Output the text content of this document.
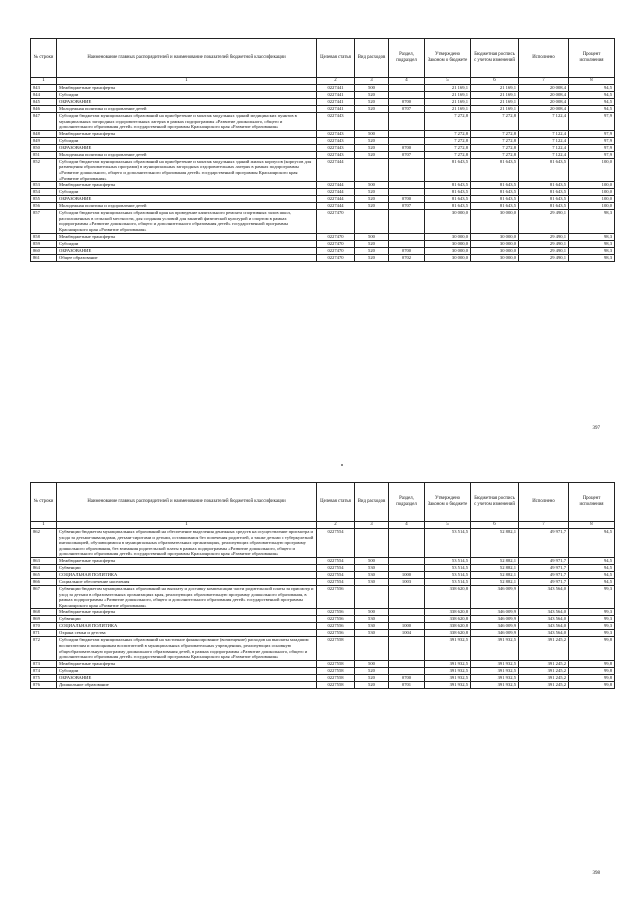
№ строки	Наименование главных распорядителей и наименование показателей бюджетной классификации	Целевая статья	Вид расходов	Раздел, подраздел	Утверждено Законом о бюджете	Бюджетная роспись с учетом изменений	Исполнено	Процент исполнения
1	1	2	3	4	5	6	7	8
843	Межбюджетные трансферты	0227441	500		21 169,1	21 169,1	20 008,4	94,5
844	Субсидии	0227441	520		21 169,1	21 169,1	20 008,4	94,5
845	ОБРАЗОВАНИЕ	0227441	520	0700	21 169,1	21 169,1	20 008,4	94,5
846	Молодежная политика и оздоровление детей	0227441	520	0707	21 169,1	21 169,1	20 008,4	94,5
847	Субсидии бюджетам муниципальных образований на приобретение и монтаж модульных зданий медицинских пунктов в муниципальных загородных оздоровительных лагерях в рамках подпрограммы «Развитие дошкольного, общего и дополнительного образования детей» государственной программы Красноярского края «Развитие образования»	0227443			7 272,8	7 272,8	7 122,4	97,9
848	Межбюджетные трансферты	0227443	500		7 272,8	7 272,8	7 122,4	97,9
849	Субсидии	0227443	520		7 272,8	7 272,8	7 122,4	97,9
850	ОБРАЗОВАНИЕ	0227443	520	0700	7 272,8	7 272,8	7 122,4	97,9
851	Молодежная политика и оздоровление детей	0227443	520	0707	7 272,8	7 272,8	7 122,4	97,9
852	Субсидии бюджетам муниципальных образований на приобретение и монтаж модульных зданий жилых корпусов (корпусов для размещения образовательных программ) в муниципальных загородных оздоровительных лагерях в рамках подпрограммы «Развитие дошкольного, общего и дополнительного образования детей» государственной программы Красноярского края «Развитие образования»	0227444			81 643,5	81 643,5	81 643,5	100,0
853	Межбюджетные трансферты	0227444	500		81 643,5	81 643,5	81 643,5	100,0
854	Субсидии	0227444	520		81 643,5	81 643,5	81 643,5	100,0
855	ОБРАЗОВАНИЕ	0227444	520	0700	81 643,5	81 643,5	81 643,5	100,0
856	Молодежная политика и оздоровление детей	0227444	520	0707	81 643,5	81 643,5	81 643,5	100,0
857	Субсидии бюджетам муниципальных образований края на проведение капитального ремонта спортивных залов школ, расположенных в сельской местности, для создания условий для занятий физической культурой и спортом в рамках подпрограммы «Развитие дошкольного, общего и дополнительного образования детей» государственной программы Красноярского края «Развитие образования»	0227470			30 000,0	30 000,0	29 490,1	98,3
858	Межбюджетные трансферты	0227470	500		30 000,0	30 000,0	29 490,1	98,3
859	Субсидии	0227470	520		30 000,0	30 000,0	29 490,1	98,3
860	ОБРАЗОВАНИЕ	0227470	520	0700	30 000,0	30 000,0	29 490,1	98,3
861	Общее образование	0227470	520	0702	30 000,0	30 000,0	29 490,1	98,3
397
№ строки	Наименование главных распорядителей и наименование показателей бюджетной классификации	Целевая статья	Вид расходов	Раздел, подраздел	Утверждено Законом о бюджете	Бюджетная роспись с учетом изменений	Исполнено	Процент исполнения
1	1	2	3	4	5	6	7	8
862	Субвенции бюджетам муниципальных образований на обеспечение выделения денежных средств на осуществление присмотра и ухода за детьми-инвалидами, детьми-сиротами и детьми, оставшимися без попечения родителей, а также детьми с туберкулезной интоксикацией, обучающимися в муниципальных образовательных организациях, реализующих образовательную программу дошкольного образования, без взимания родительской платы в рамках подпрограммы «Развитие дошкольного, общего и дополнительного образования детей» государственной программы Красноярского края «Развитие образования»	0227554			53 514,5	52 882,1	49 971,7	94,5
863	Межбюджетные трансферты	0227554	500		53 514,5	52 882,1	49 971,7	94,5
864	Субвенции	0227554	530		53 514,5	52 882,1	49 971,7	94,5
865	СОЦИАЛЬНАЯ ПОЛИТИКА	0227554	530	1000	53 514,5	52 882,1	49 971,7	94,5
866	Социальное обеспечение населения	0227554	530	1003	53 514,5	52 882,1	49 971,7	94,5
867	Субвенции бюджетам муниципальных образований на выплату и доставку компенсации части родительской платы за присмотр и уход за детьми в образовательных организациях края, реализующих образовательную программу дошкольного образования, в рамках подпрограммы «Развитие дошкольного, общего и дополнительного образования детей» государственной программы Красноярского края «Развитие образования»	0227556			338 620,8	346 009,9	343 564,0	99,3
868	Межбюджетные трансферты	0227556	500		338 620,8	346 009,9	343 564,0	99,3
869	Субвенции	0227556	530		338 620,8	346 009,9	343 564,0	99,3
870	СОЦИАЛЬНАЯ ПОЛИТИКА	0227556	530	1000	338 620,8	346 009,9	343 564,0	99,3
871	Охрана семьи и детства	0227556	530	1004	338 620,8	346 009,9	343 564,0	99,3
872	Субсидии бюджетам муниципальных образований на частичное финансирование (возмещение) расходов на выплаты младшим воспитателям и помощникам воспитателей в муниципальных образовательных учреждениях, реализующих основную общеобразовательную программу дошкольного образования детей, в рамках подпрограммы «Развитие дошкольного, общего и дополнительного образования детей» государственной программы Красноярского края «Развитие образования»	0227558			391 932,5	391 932,5	391 245,2	99,8
873	Межбюджетные трансферты	0227558	500		391 932,5	391 932,5	391 245,2	99,8
874	Субсидии	0227558	520		391 932,5	391 932,5	391 245,2	99,8
875	ОБРАЗОВАНИЕ	0227558	520	0700	391 932,5	391 932,5	391 245,2	99,8
876	Дошкольное образование	0227558	520	0701	391 932,5	391 932,5	391 245,2	99,8
398
